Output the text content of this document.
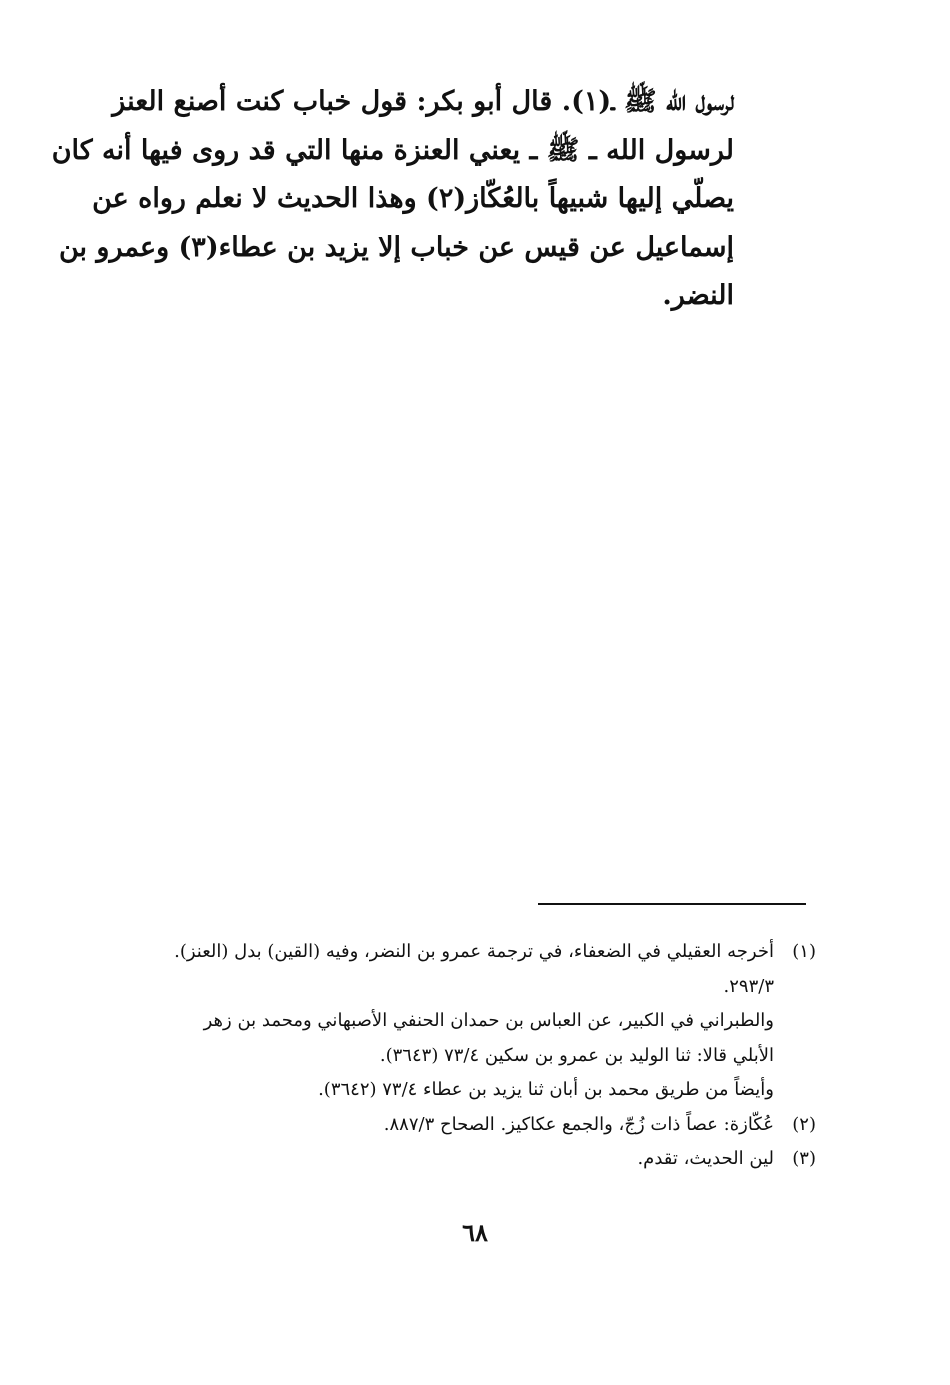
لرسول الله ﷺ ـ(١). قال أبو بكر: قول خباب كنت أصنع العنز
لرسول الله ـ ﷺ ـ يعني العنزة منها التي قد روى فيها أنه كان
يصلّي إليها شبيهاً بالعُكّاز(٢) وهذا الحديث لا نعلم رواه عن
إسماعيل عن قيس عن خباب إلا يزيد بن عطاء(٣) وعمرو بن
النضر.
(١)أخرجه العقيلي في الضعفاء، في ترجمة عمرو بن النضر، وفيه (القين) بدل (العنز).
٢٩٣/٣.
والطبراني في الكبير، عن العباس بن حمدان الحنفي الأصبهاني ومحمد بن زهر
الأبلي قالا: ثنا الوليد بن عمرو بن سكين ٧٣/٤ (٣٦٤٣).
وأيضاً من طريق محمد بن أبان ثنا يزيد بن عطاء ٧٣/٤ (٣٦٤٢).
(٢)عُكّازة: عصاً ذات زُجّ، والجمع عكاكيز. الصحاح ٨٨٧/٣.
(٣)لين الحديث، تقدم.
٦٨
